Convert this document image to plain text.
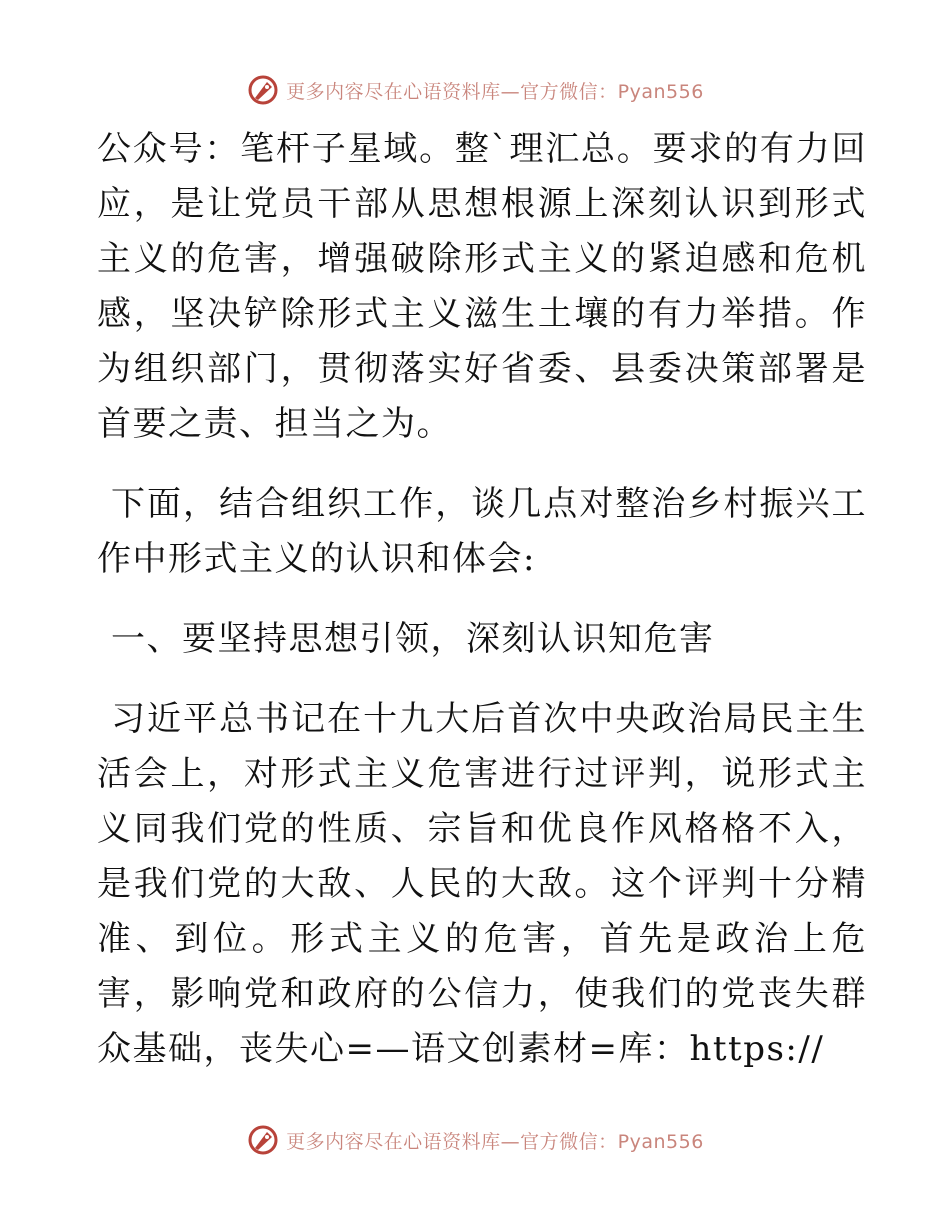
更多内容尽在心语资料库—官方微信：Pyan556

公众号：笔杆子星域。整`理汇总。要求的有力回应，是让党员干部从思想根源上深刻认识到形式主义的危害，增强破除形式主义的紧迫感和危机感，坚决铲除形式主义滋生土壤的有力举措。作为组织部门，贯彻落实好省委、县委决策部署是首要之责、担当之为。

下面，结合组织工作，谈几点对整治乡村振兴工作中形式主义的认识和体会:

一、要坚持思想引领，深刻认识知危害

习近平总书记在十九大后首次中央政治局民主生活会上，对形式主义危害进行过评判，说形式主义同我们党的性质、宗旨和优良作风格格不入，是我们党的大敌、人民的大敌。这个评判十分精准、到位。形式主义的危害，首先是政治上危害，影响党和政府的公信力，使我们的党丧失群众基础，丧失心=—语文创素材=库：https://

更多内容尽在心语资料库—官方微信：Pyan556
